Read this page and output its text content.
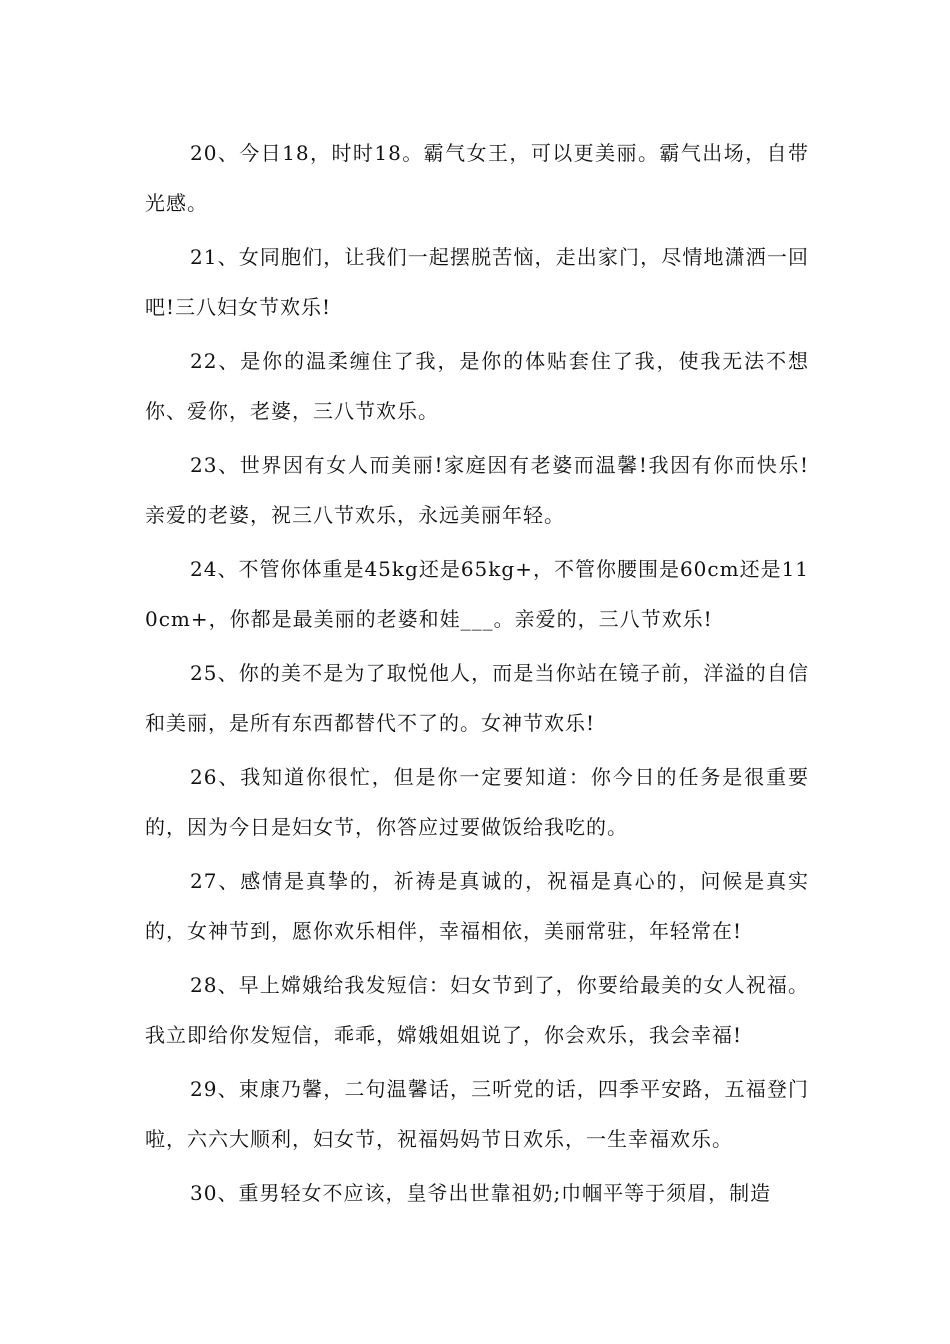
20、今日18，时时18。霸气女王，可以更美丽。霸气出场，自带光感。

21、女同胞们，让我们一起摆脱苦恼，走出家门，尽情地潇洒一回吧!三八妇女节欢乐!

22、是你的温柔缠住了我，是你的体贴套住了我，使我无法不想你、爱你，老婆，三八节欢乐。

23、世界因有女人而美丽!家庭因有老婆而温馨!我因有你而快乐!亲爱的老婆，祝三八节欢乐，永远美丽年轻。

24、不管你体重是45kg还是65kg+，不管你腰围是60cm还是110cm+，你都是最美丽的老婆和娃___。亲爱的，三八节欢乐!

25、你的美不是为了取悦他人，而是当你站在镜子前，洋溢的自信和美丽，是所有东西都替代不了的。女神节欢乐!

26、我知道你很忙，但是你一定要知道：你今日的任务是很重要的，因为今日是妇女节，你答应过要做饭给我吃的。

27、感情是真挚的，祈祷是真诚的，祝福是真心的，问候是真实的，女神节到，愿你欢乐相伴，幸福相依，美丽常驻，年轻常在!

28、早上嫦娥给我发短信：妇女节到了，你要给最美的女人祝福。我立即给你发短信，乖乖，嫦娥姐姐说了，你会欢乐，我会幸福!

29、束康乃馨，二句温馨话，三听党的话，四季平安路，五福登门啦，六六大顺利，妇女节，祝福妈妈节日欢乐，一生幸福欢乐。

30、重男轻女不应该，皇爷出世靠祖奶;巾帼平等于须眉，制造
